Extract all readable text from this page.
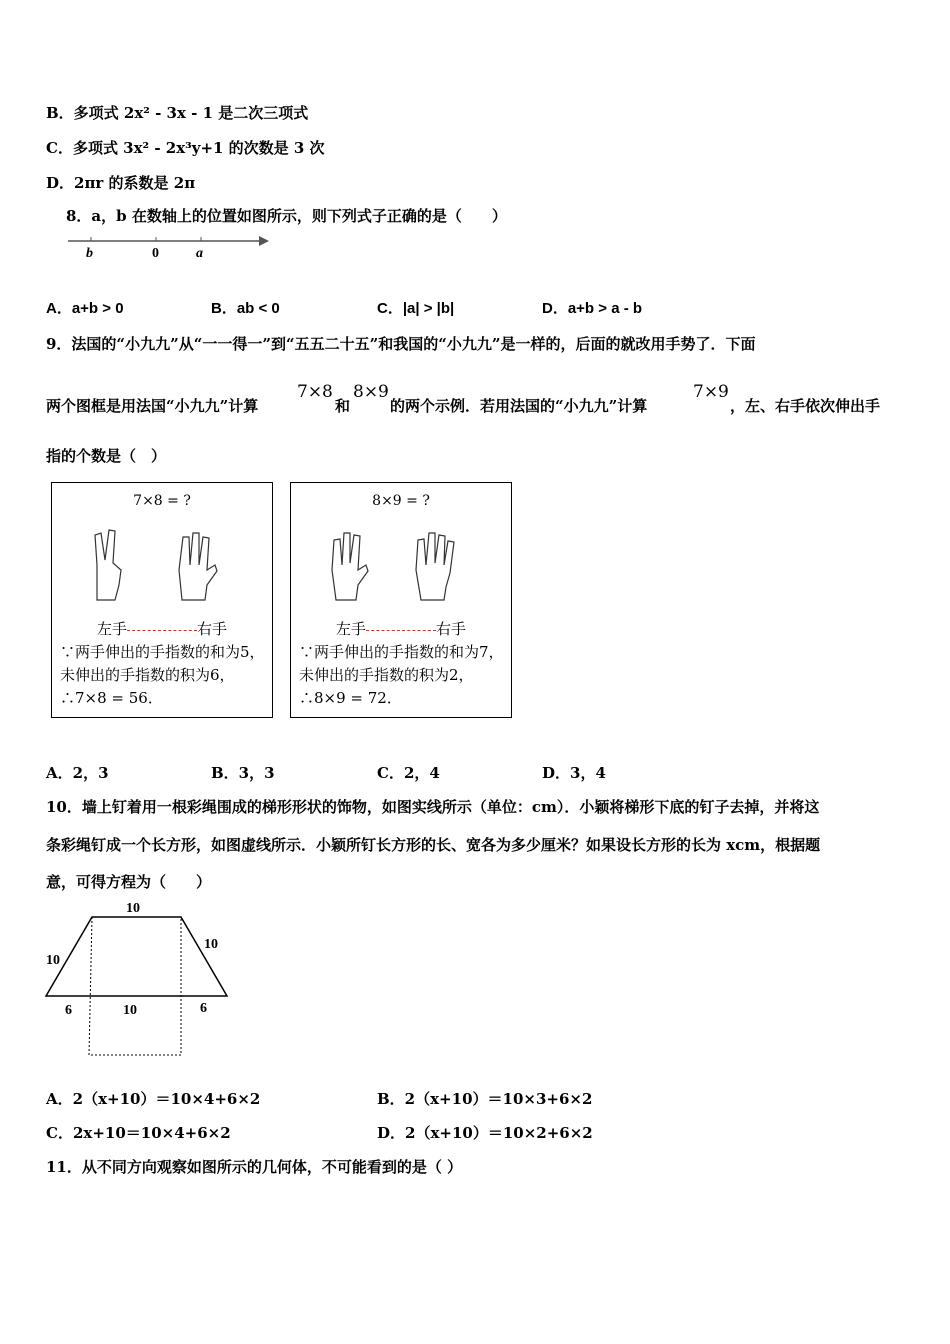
B．多项式 2x² - 3x - 1 是二次三项式
C．多项式 3x² - 2x³y+1 的次数是 3 次
D．2πr 的系数是 2π
8．a，b 在数轴上的位置如图所示，则下列式子正确的是（　　）
b	0	a
A．a+b > 0	B．ab < 0	C．|a| > |b|	D．a+b > a - b
9．法国的“小九九”从“一一得一”到“五五二十五”和我国的“小九九”是一样的，后面的就改用手势了．下面
两个图框是用法国“小九九”计算
7×8
和
8×9
的两个示例．若用法国的“小九九”计算
7×9
，左、右手依次伸出手
指的个数是（　）
7×8 = ?
左手	右手
∵两手伸出的手指数的和为5，未伸出的手指数的积为6，∴7×8 = 56．
8×9 = ?
左手	右手
∵两手伸出的手指数的和为7，未伸出的手指数的积为2，∴8×9 = 72．
A．2，3	B．3，3	C．2，4	D．3，4
10．墙上钉着用一根彩绳围成的梯形形状的饰物，如图实线所示（单位：cm）．小颖将梯形下底的钉子去掉，并将这
条彩绳钉成一个长方形，如图虚线所示．小颖所钉长方形的长、宽各为多少厘米？如果设长方形的长为 xcm，根据题
意，可得方程为（　　）
10
10
10
6	10	6
A．2（x+10）＝10×4+6×2	B．2（x+10）＝10×3+6×2
C．2x+10＝10×4+6×2	D．2（x+10）＝10×2+6×2
11．从不同方向观察如图所示的几何体，不可能看到的是（ ）
